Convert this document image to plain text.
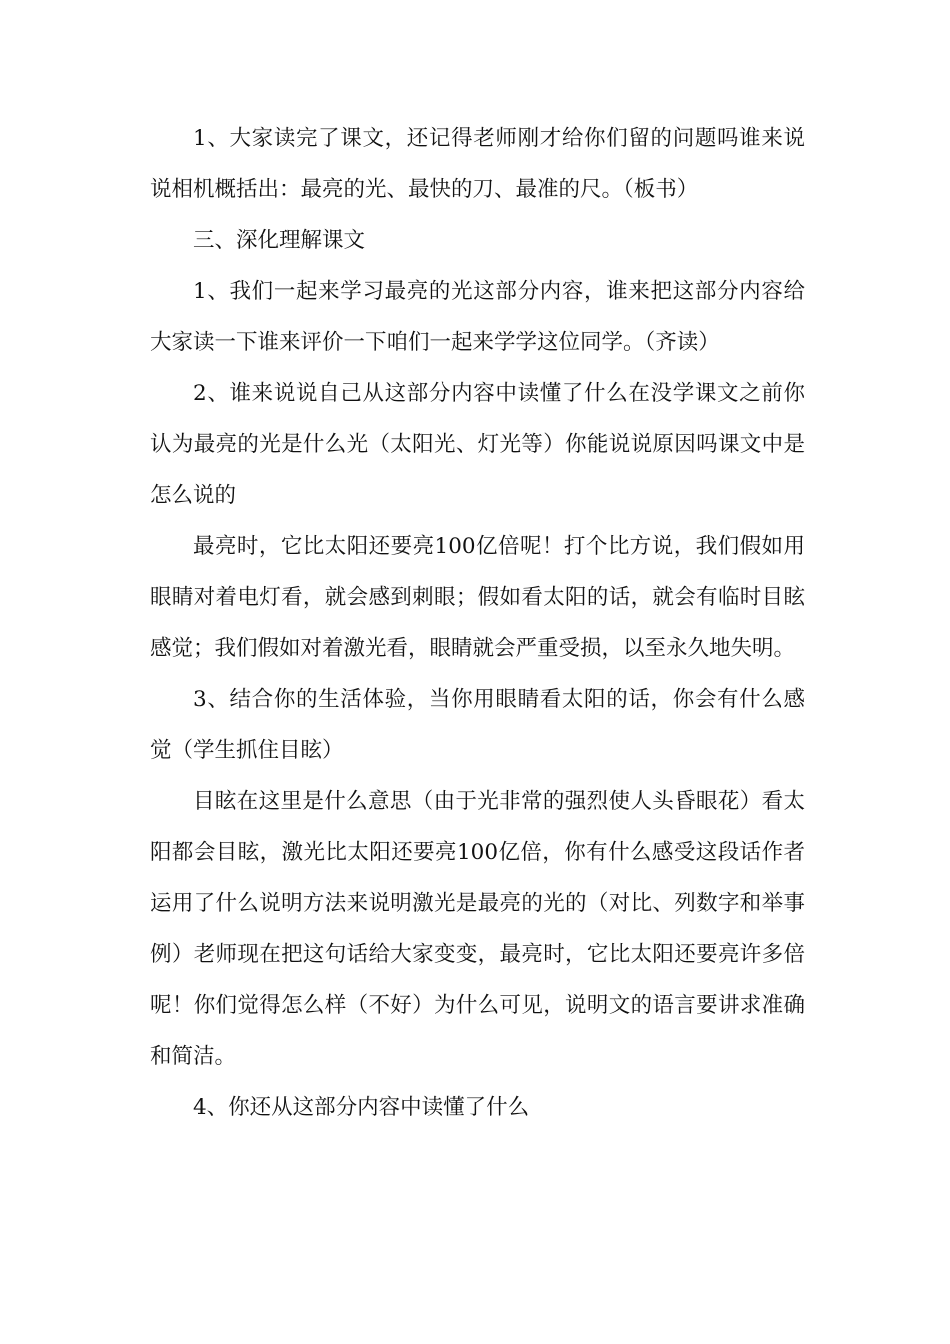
1、大家读完了课文，还记得老师刚才给你们留的问题吗谁来说说相机概括出：最亮的光、最快的刀、最准的尺。（板书）

三、深化理解课文

1、我们一起来学习最亮的光这部分内容，谁来把这部分内容给大家读一下谁来评价一下咱们一起来学学这位同学。（齐读）

2、谁来说说自己从这部分内容中读懂了什么在没学课文之前你认为最亮的光是什么光（太阳光、灯光等）你能说说原因吗课文中是怎么说的

最亮时，它比太阳还要亮100亿倍呢！打个比方说，我们假如用眼睛对着电灯看，就会感到刺眼；假如看太阳的话，就会有临时目眩感觉；我们假如对着激光看，眼睛就会严重受损，以至永久地失明。

3、结合你的生活体验，当你用眼睛看太阳的话，你会有什么感觉（学生抓住目眩）

目眩在这里是什么意思（由于光非常的强烈使人头昏眼花）看太阳都会目眩，激光比太阳还要亮100亿倍，你有什么感受这段话作者运用了什么说明方法来说明激光是最亮的光的（对比、列数字和举事例）老师现在把这句话给大家变变，最亮时，它比太阳还要亮许多倍呢！你们觉得怎么样（不好）为什么可见，说明文的语言要讲求准确和简洁。

4、你还从这部分内容中读懂了什么
